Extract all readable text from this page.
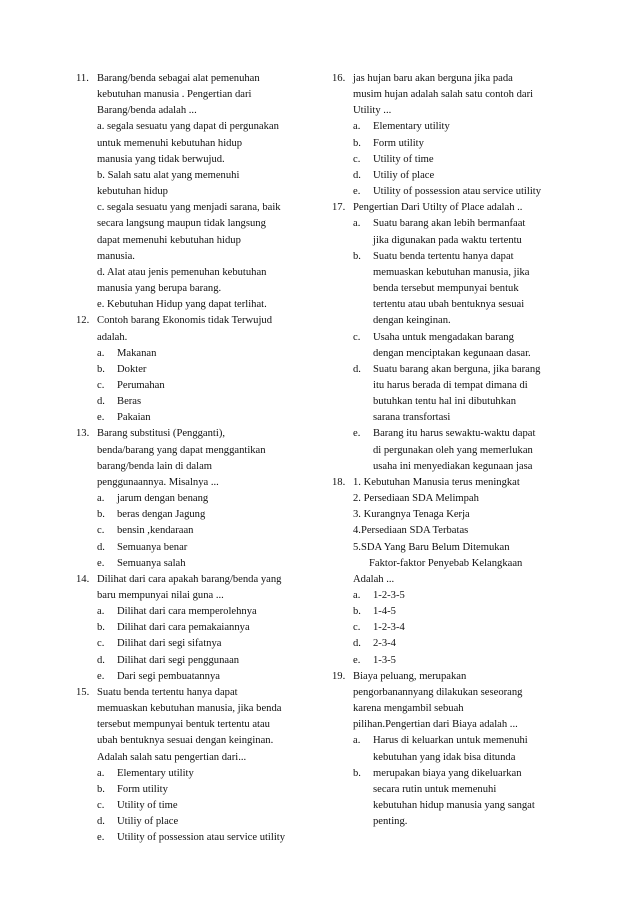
11. Barang/benda sebagai alat pemenuhan
kebutuhan manusia . Pengertian dari
Barang/benda adalah ...
a. segala sesuatu yang dapat di pergunakan
untuk memenuhi kebutuhan hidup
manusia yang tidak berwujud.
b. Salah satu alat yang memenuhi
kebutuhan hidup
c. segala sesuatu yang menjadi sarana, baik
secara langsung maupun tidak langsung
dapat memenuhi kebutuhan hidup
manusia.
d. Alat atau jenis pemenuhan kebutuhan
manusia yang berupa barang.
e. Kebutuhan Hidup yang dapat terlihat.
12. Contoh barang Ekonomis tidak Terwujud
adalah.
a.	Makanan
b.	Dokter
c.	Perumahan
d.	Beras
e.	Pakaian
13. Barang substitusi (Pengganti),
benda/barang yang dapat menggantikan
barang/benda lain di dalam
penggunaannya. Misalnya ...
a.	jarum dengan benang
b.	beras dengan Jagung
c.	bensin ,kendaraan
d.	Semuanya benar
e.	Semuanya salah
14. Dilihat dari cara apakah barang/benda yang
baru mempunyai nilai guna ...
a.	Dilihat dari cara memperolehnya
b.	Dilihat dari cara pemakaiannya
c.	Dilihat dari segi sifatnya
d.	Dilihat dari segi penggunaan
e.	Dari segi pembuatannya
15. Suatu benda tertentu hanya dapat
memuaskan kebutuhan manusia, jika benda
tersebut mempunyai bentuk tertentu atau
ubah bentuknya sesuai dengan keinginan.
Adalah salah satu pengertian dari...
a.	Elementary utility
b.	Form utility
c.	Utility of time
d.	Utiliy of place
e.	Utility of possession atau service utility
16. jas hujan baru akan berguna jika pada
musim hujan adalah salah satu contoh dari
Utility ...
a.	Elementary utility
b.	Form utility
c.	Utility of time
d.	Utiliy of place
e.	Utility of possession atau service utility
17. Pengertian Dari Utilty of Place adalah ..
a.	Suatu barang akan lebih bermanfaat
jika digunakan pada waktu tertentu
b.	Suatu benda tertentu hanya dapat
memuaskan kebutuhan manusia, jika
benda tersebut mempunyai bentuk
tertentu atau ubah bentuknya sesuai
dengan keinginan.
c.	Usaha untuk mengadakan barang
dengan menciptakan kegunaan dasar.
d.	Suatu barang akan berguna, jika barang
itu harus berada di tempat dimana di
butuhkan tentu hal ini dibutuhkan
sarana transfortasi
e.	Barang itu harus sewaktu-waktu dapat
di pergunakan oleh yang memerlukan
usaha ini menyediakan kegunaan jasa
18. 1. Kebutuhan Manusia terus meningkat
2. Persediaan SDA Melimpah
3. Kurangnya Tenaga Kerja
4.Persediaan SDA Terbatas
5.SDA Yang Baru Belum Ditemukan
Faktor-faktor Penyebab Kelangkaan
Adalah ...
a.	1-2-3-5
b.	1-4-5
c.	1-2-3-4
d.	2-3-4
e.	1-3-5
19. Biaya peluang, merupakan
pengorbanannyang dilakukan seseorang
karena mengambil sebuah
pilihan.Pengertian dari Biaya adalah ...
a.	Harus di keluarkan untuk memenuhi
kebutuhan yang idak bisa ditunda
b.	merupakan biaya yang dikeluarkan
secara rutin untuk memenuhi
kebutuhan hidup manusia yang sangat
penting.
